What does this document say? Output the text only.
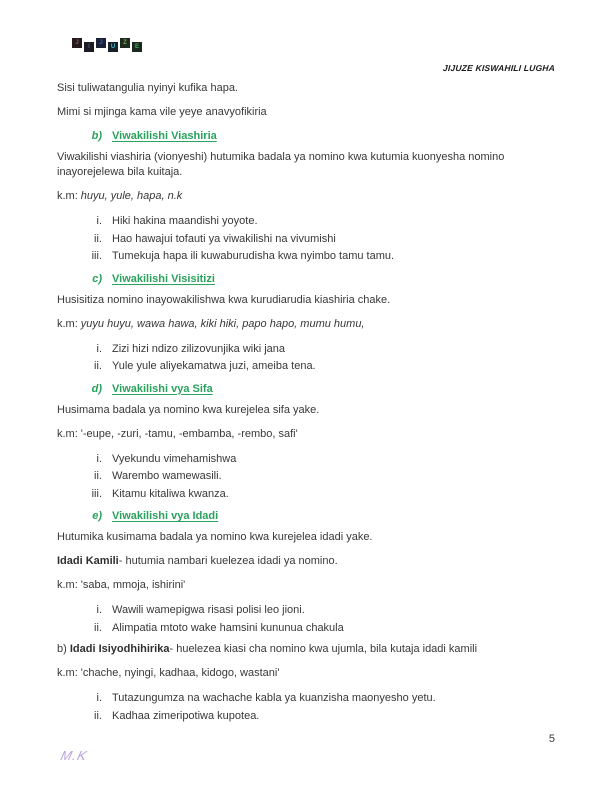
J
I
J
U
Z
E
JIJUZE KISWAHILI LUGHA

Sisi tuliwatangulia nyinyi kufika hapa.

Mimi si mjinga kama vile yeye anavyofikiria

b) Viwakilishi Viashiria

Viwakilishi viashiria (vionyeshi) hutumika badala ya nomino kwa kutumia kuonyesha nomino inayorejelewa bila kuitaja.

k.m: huyu, yule, hapa, n.k

i. Hiki hakina maandishi yoyote.
ii. Hao hawajui tofauti ya viwakilishi na vivumishi
iii. Tumekuja hapa ili kuwaburudisha kwa nyimbo tamu tamu.
c) Viwakilishi Visisitizi

Husisitiza nomino inayowakilishwa kwa kurudiarudia kiashiria chake.

k.m: yuyu huyu, wawa hawa, kiki hiki, papo hapo, mumu humu,

i. Zizi hizi ndizo zilizovunjika wiki jana
ii. Yule yule aliyekamatwa juzi, ameiba tena.
d) Viwakilishi vya Sifa

Husimama badala ya nomino kwa kurejelea sifa yake.

k.m: '-eupe, -zuri, -tamu, -embamba, -rembo, safi'

i. Vyekundu vimehamishwa
ii. Warembo wamewasili.
iii. Kitamu kitaliwa kwanza.
e) Viwakilishi vya Idadi

Hutumika kusimama badala ya nomino kwa kurejelea idadi yake.

Idadi Kamili- hutumia nambari kuelezea idadi ya nomino.

k.m: 'saba, mmoja, ishirini'

i. Wawili wamepigwa risasi polisi leo jioni.
ii. Alimpatia mtoto wake hamsini kununua chakula

b) Idadi Isiyodhihirika- huelezea kiasi cha nomino kwa ujumla, bila kutaja idadi kamili

k.m: 'chache, nyingi, kadhaa, kidogo, wastani'

i. Tutazungumza na wachache kabla ya kuanzisha maonyesho yetu.
ii. Kadhaa zimeripotiwa kupotea.
5
M.K
